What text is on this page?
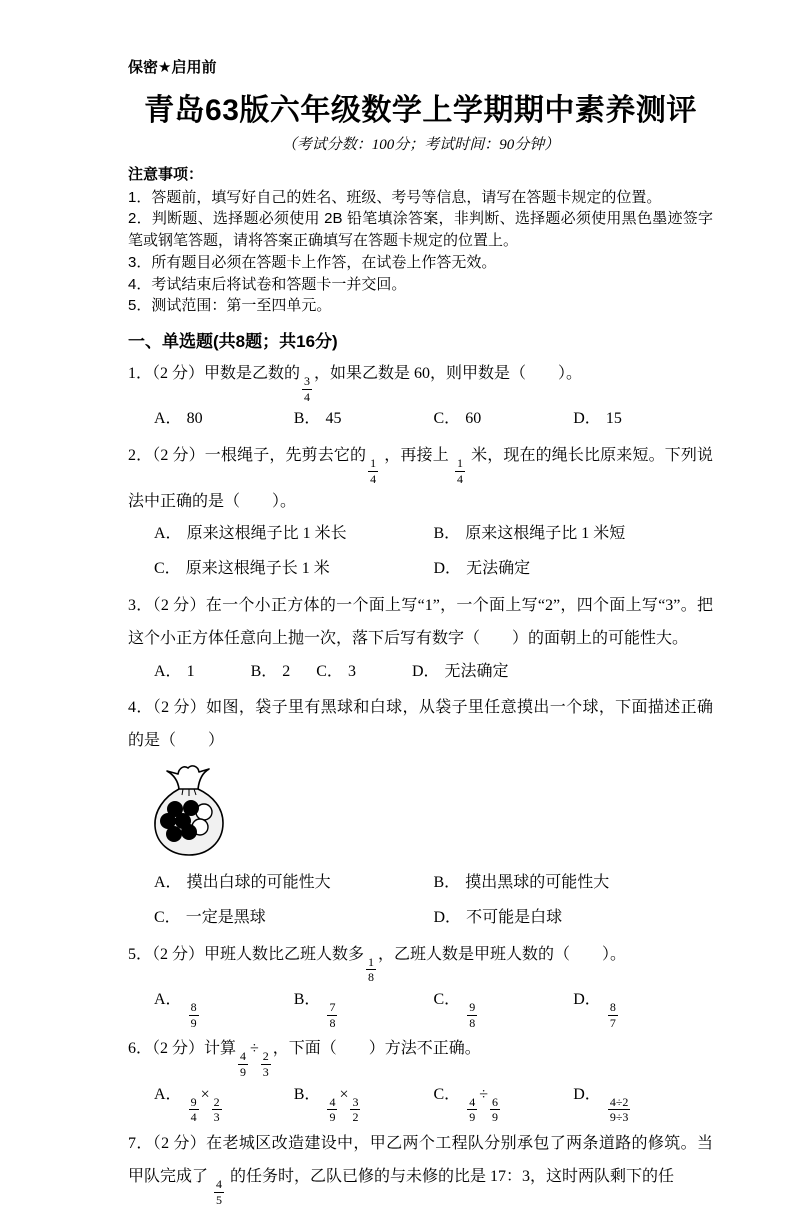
保密★启用前
青岛63版六年级数学上学期期中素养测评
（考试分数：100分；考试时间：90分钟）
注意事项：
1．答题前，填写好自己的姓名、班级、考号等信息，请写在答题卡规定的位置。
2．判断题、选择题必须使用 2B 铅笔填涂答案，非判断、选择题必须使用黑色墨迹签字笔或钢笔答题，请将答案正确填写在答题卡规定的位置上。
3．所有题目必须在答题卡上作答，在试卷上作答无效。
4．考试结束后将试卷和答题卡一并交回。
5．测试范围：第一至四单元。
一、单选题(共8题；共16分)
1．（2 分）甲数是乙数的
$\frac{3}{4}$
，如果乙数是 60，则甲数是（　　）。
A． 80	B． 45	C． 60	D． 15
2．（2 分）一根绳子，先剪去它的
$\frac{1}{4}$
，再接上
$\frac{1}{4}$
米，现在的绳长比原来短。下列说法中正确的是（　　）。
A． 原来这根绳子比 1 米长	B． 原来这根绳子比 1 米短
C． 原来这根绳子长 1 米	D． 无法确定
3．（2 分）在一个小正方体的一个面上写“1”，一个面上写“2”，四个面上写“3”。把这个小正方体任意向上抛一次，落下后写有数字（　　）的面朝上的可能性大。
A． 1	B． 2 C． 3	D． 无法确定
4．（2 分）如图，袋子里有黑球和白球，从袋子里任意摸出一个球，下面描述正确的是（　　）
A． 摸出白球的可能性大	B． 摸出黑球的可能性大
C． 一定是黑球	D． 不可能是白球
5．（2 分）甲班人数比乙班人数多
$\frac{1}{8}$
，乙班人数是甲班人数的（　　）。
A．
$\frac{8}{9}$
B．
$\frac{7}{8}$
C．
$\frac{9}{8}$
D．
$\frac{8}{7}$
6．（2 分）计算
$\frac{4}{9}$
÷
$\frac{2}{3}$
，下面（　　）方法不正确。
A．
$\frac{9}{4}$
×
$\frac{2}{3}$
B．
$\frac{4}{9}$
×
$\frac{3}{2}$
C．
$\frac{4}{9}$
÷
$\frac{6}{9}$
D．
$\frac{4\div 2}{9\div 3}$
7．（2 分）在老城区改造建设中，甲乙两个工程队分别承包了两条道路的修筑。当甲队完成了
$\frac{4}{5}$
的任务时，乙队已修的与未修的比是 17：3，这时两队剩下的任
